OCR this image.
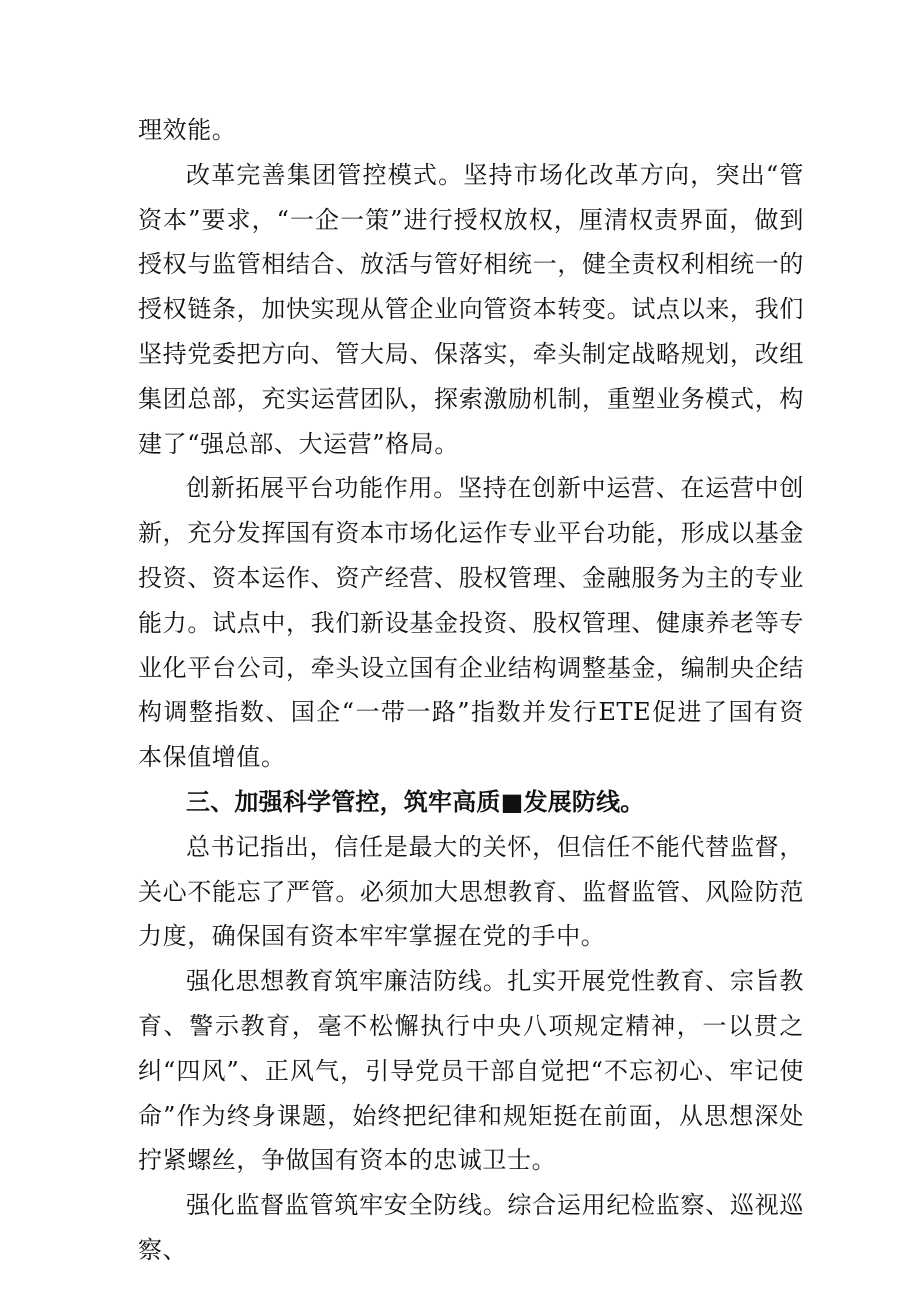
理效能。

改革完善集团管控模式。坚持市场化改革方向，突出“管资本”要求，“一企一策”进行授权放权，厘清权责界面，做到授权与监管相结合、放活与管好相统一，健全责权利相统一的授权链条，加快实现从管企业向管资本转变。试点以来，我们坚持党委把方向、管大局、保落实，牵头制定战略规划，改组集团总部，充实运营团队，探索激励机制，重塑业务模式，构建了“强总部、大运营”格局。

创新拓展平台功能作用。坚持在创新中运营、在运营中创新，充分发挥国有资本市场化运作专业平台功能，形成以基金投资、资本运作、资产经营、股权管理、金融服务为主的专业能力。试点中，我们新设基金投资、股权管理、健康养老等专业化平台公司，牵头设立国有企业结构调整基金，编制央企结构调整指数、国企“一带一路”指数并发行ETE促进了国有资本保值增值。

三、加强科学管控，筑牢高质■发展防线。

总书记指出，信任是最大的关怀，但信任不能代替监督，关心不能忘了严管。必须加大思想教育、监督监管、风险防范力度，确保国有资本牢牢掌握在党的手中。

强化思想教育筑牢廉洁防线。扎实开展党性教育、宗旨教育、警示教育，毫不松懈执行中央八项规定精神，一以贯之纠“四风”、正风气，引导党员干部自觉把“不忘初心、牢记使命”作为终身课题，始终把纪律和规矩挺在前面，从思想深处拧紧螺丝，争做国有资本的忠诚卫士。

强化监督监管筑牢安全防线。综合运用纪检监察、巡视巡察、
